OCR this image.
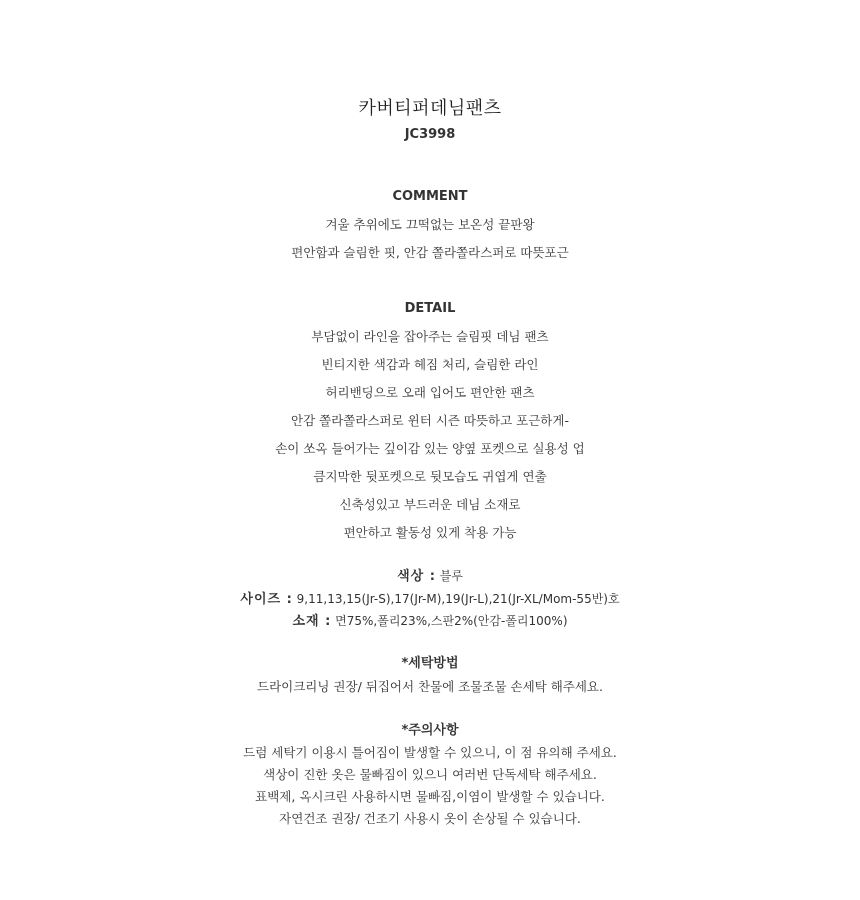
카버티퍼데님팬츠
JC3998
COMMENT
겨울 추위에도 끄떡없는 보온성 끝판왕
편안함과 슬림한 핏, 안감 쫄라쫄라스퍼로 따뜻포근
DETAIL
부담없이 라인을 잡아주는 슬림핏 데님 팬츠
빈티지한 색감과 헤짐 처리, 슬림한 라인
허리밴딩으로 오래 입어도 편안한 팬츠
안감 쫄라쫄라스퍼로 윈터 시즌 따뜻하고 포근하게-
손이 쏘옥 들어가는 깊이감 있는 양옆 포켓으로 실용성 업
큼지막한 뒷포켓으로 뒷모습도 귀엽게 연출
신축성있고 부드러운 데님 소재로
편안하고 활동성 있게 착용 가능
색상 : 블루
사이즈 : 9,11,13,15(Jr-S),17(Jr-M),19(Jr-L),21(Jr-XL/Mom-55반)호
소재 : 면75%,폴리23%,스판2%(안감-폴리100%)
*세탁방법
드라이크리닝 권장/ 뒤집어서 찬물에 조물조물 손세탁 해주세요.
*주의사항
드럼 세탁기 이용시 틀어짐이 발생할 수 있으니, 이 점 유의해 주세요.
색상이 진한 옷은 물빠짐이 있으니 여러번 단독세탁 해주세요.
표백제, 옥시크린 사용하시면 물빠짐,이염이 발생할 수 있습니다.
자연건조 권장/ 건조기 사용시 옷이 손상될 수 있습니다.
